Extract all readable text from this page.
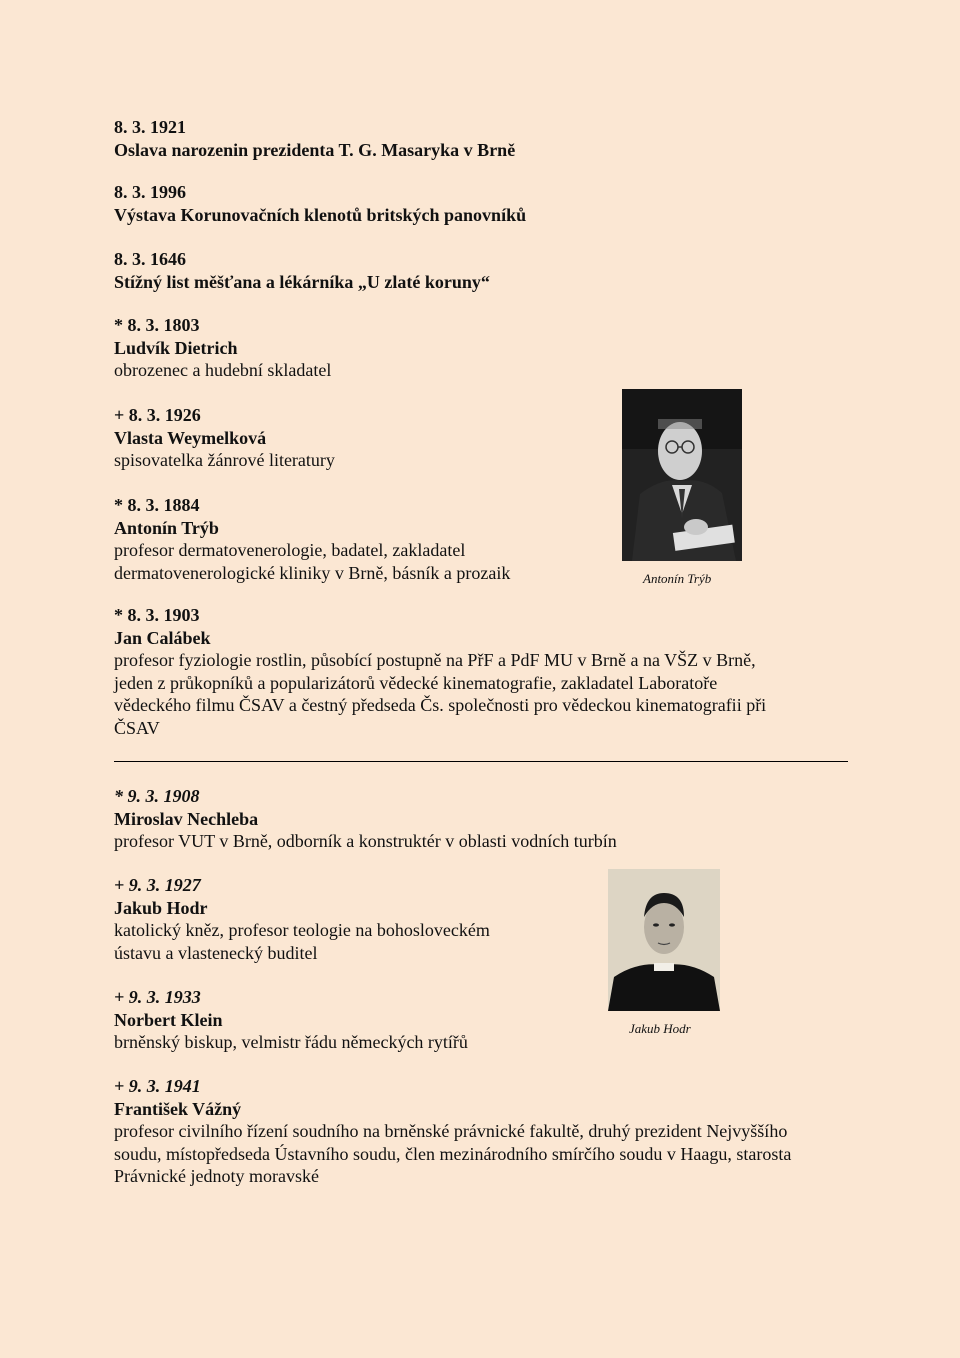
8. 3. 1921
Oslava narozenin prezidenta T. G. Masaryka v Brně
8. 3. 1996
Výstava Korunovačních klenotů britských panovníků
8. 3. 1646
Stížný list měšťana a lékárníka „U zlaté koruny“
* 8. 3. 1803
Ludvík Dietrich
obrozenec a hudební skladatel
+ 8. 3. 1926
Vlasta Weymelková
spisovatelka žánrové literatury
* 8. 3. 1884
Antonín Trýb
profesor dermatovenerologie, badatel, zakladatel
dermatovenerologické kliniky v Brně, básník a prozaik
* 8. 3. 1903
Jan Calábek
profesor fyziologie rostlin, působící postupně na PřF a PdF MU v Brně a na VŠZ v Brně,
jeden z průkopníků a popularizátorů vědecké kinematografie, zakladatel Laboratoře
vědeckého filmu ČSAV a čestný předseda Čs. společnosti pro vědeckou kinematografii při
ČSAV
* 9. 3. 1908
Miroslav Nechleba
profesor VUT v Brně, odborník a konstruktér v oblasti vodních turbín
+ 9. 3. 1927
Jakub Hodr
katolický kněz, profesor teologie na bohosloveckém
ústavu a vlastenecký buditel
+ 9. 3. 1933
Norbert Klein
brněnský biskup, velmistr řádu německých rytířů
+ 9. 3. 1941
František Vážný
profesor civilního řízení soudního na brněnské právnické fakultě, druhý prezident Nejvyššího
soudu, místopředseda Ústavního soudu, člen mezinárodního smírčího soudu v Haagu, starosta
Právnické jednoty moravské
Antonín Trýb
Jakub Hodr
